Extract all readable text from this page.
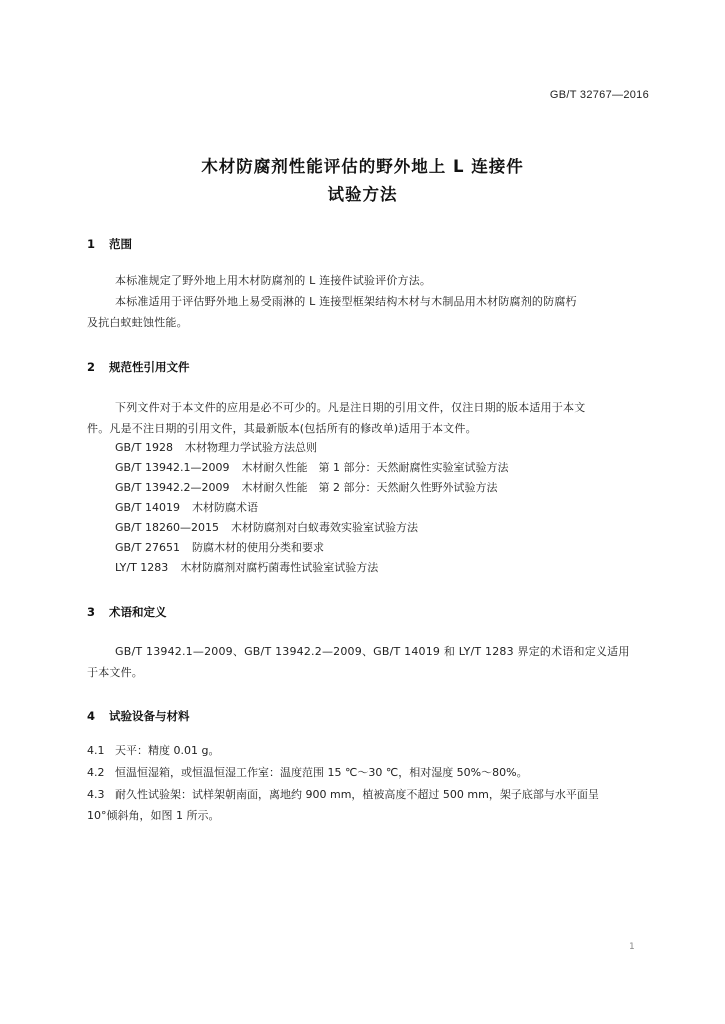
GB/T 32767—2016
木材防腐剂性能评估的野外地上 L 连接件
试验方法
1 范围
本标准规定了野外地上用木材防腐剂的 L 连接件试验评价方法。
本标准适用于评估野外地上易受雨淋的 L 连接型框架结构木材与木制品用木材防腐剂的防腐朽
及抗白蚁蛀蚀性能。
2 规范性引用文件
下列文件对于本文件的应用是必不可少的。凡是注日期的引用文件，仅注日期的版本适用于本文
件。凡是不注日期的引用文件，其最新版本(包括所有的修改单)适用于本文件。
GB/T 1928 木材物理力学试验方法总则
GB/T 13942.1—2009 木材耐久性能　第 1 部分：天然耐腐性实验室试验方法
GB/T 13942.2—2009 木材耐久性能　第 2 部分：天然耐久性野外试验方法
GB/T 14019 木材防腐术语
GB/T 18260—2015 木材防腐剂对白蚁毒效实验室试验方法
GB/T 27651 防腐木材的使用分类和要求
LY/T 1283 木材防腐剂对腐朽菌毒性试验室试验方法
3 术语和定义
GB/T 13942.1—2009、GB/T 13942.2—2009、GB/T 14019 和 LY/T 1283 界定的术语和定义适用
于本文件。
4 试验设备与材料
4.1 天平：精度 0.01 g。
4.2 恒温恒湿箱，或恒温恒湿工作室：温度范围 15 ℃～30 ℃，相对湿度 50%～80%。
4.3 耐久性试验架：试样架朝南面，离地约 900 mm，植被高度不超过 500 mm，架子底部与水平面呈
10°倾斜角，如图 1 所示。
1
